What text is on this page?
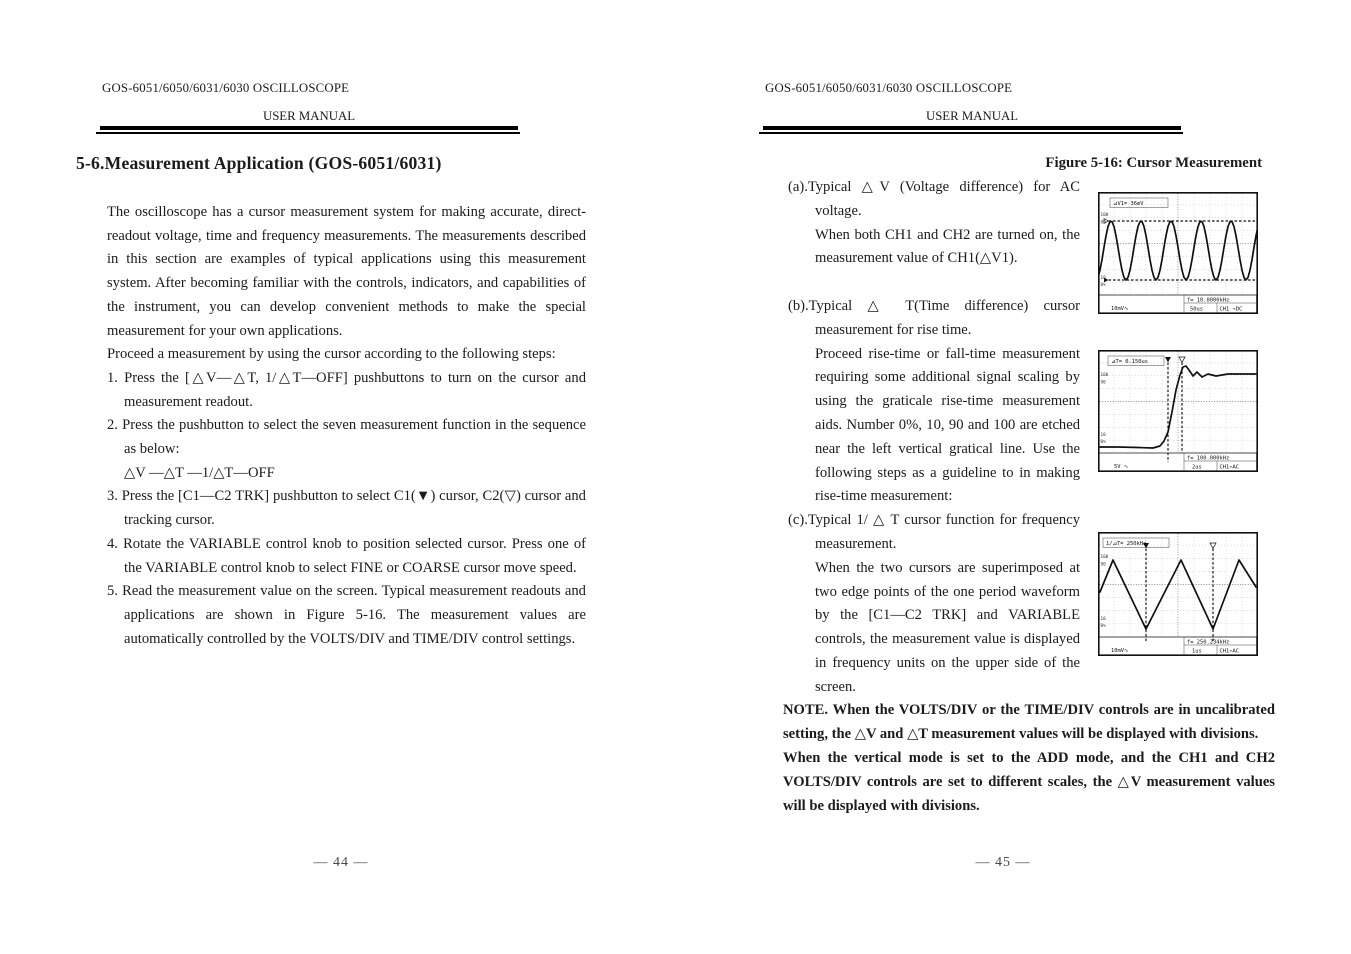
GOS-6051/6050/6031/6030 OSCILLOSCOPE
USER MANUAL
5-6.Measurement Application (GOS-6051/6031)

The oscilloscope has a cursor measurement system for making accurate, direct-readout voltage, time and frequency measurements. The measurements described in this section are examples of typical applications using this measurement system. After becoming familiar with the controls, indicators, and capabilities of the instrument, you can develop convenient methods to make the special measurement for your own applications.

Proceed a measurement by using the cursor according to the following steps:

1. Press the [△V—△T, 1/△T—OFF] pushbuttons to turn on the cursor and measurement readout.
2. Press the pushbutton to select the seven measurement function in the sequence as below:
△V —△T —1/△T—OFF
3. Press the [C1—C2 TRK] pushbutton to select C1(▼) cursor, C2(▽) cursor and tracking cursor.
4. Rotate the VARIABLE control knob to position selected cursor. Press one of the VARIABLE control knob to select FINE or COARSE cursor move speed.
5. Read the measurement value on the screen. Typical measurement readouts and applications are shown in Figure 5-16. The measurement values are automatically controlled by the VOLTS/DIV and TIME/DIV control settings.
— 44 —
GOS-6051/6050/6031/6030 OSCILLOSCOPE
USER MANUAL
Figure 5-16: Cursor Measurement
(a).Typical △V (Voltage difference) for AC voltage.
When both CH1 and CH2 are turned on, the measurement value of CH1(△V1).
(b).Typical △ T(Time difference) cursor measurement for rise time.
Proceed rise-time or fall-time measurement requiring some additional signal scaling by using the graticale rise-time measurement aids. Number 0%, 10, 90 and 100 are etched near the left vertical gratical line. Use the following steps as a guideline to in making rise-time measurement:
(c).Typical 1/ △ T cursor function for frequency measurement.
When the two cursors are superimposed at two edge points of the one period waveform by the [C1—C2 TRK] and VARIABLE controls, the measurement value is displayed in frequency units on the upper side of the screen.

NOTE. When the VOLTS/DIV or the TIME/DIV controls are in uncalibrated setting, the △V and △T measurement values will be displayed with divisions.

When the vertical mode is set to the ADD mode, and the CH1 and CH2 VOLTS/DIV controls are set to different scales, the △V measurement values will be displayed with divisions.

— 45 —
⊿V1= 36mV
100
90
10
0%
10mV∿
f= 10.0000kHz
50us	CH1 ⌁DC
⊿T= 0.150us
100
90
10
0%
5V ∿
f= 100.000kHz
2us	CH1⌁AC
1/⊿T= 250kHz
100
90
10
0%
10mV∿
f= 250.234kHz
1us	CH1⌁AC
